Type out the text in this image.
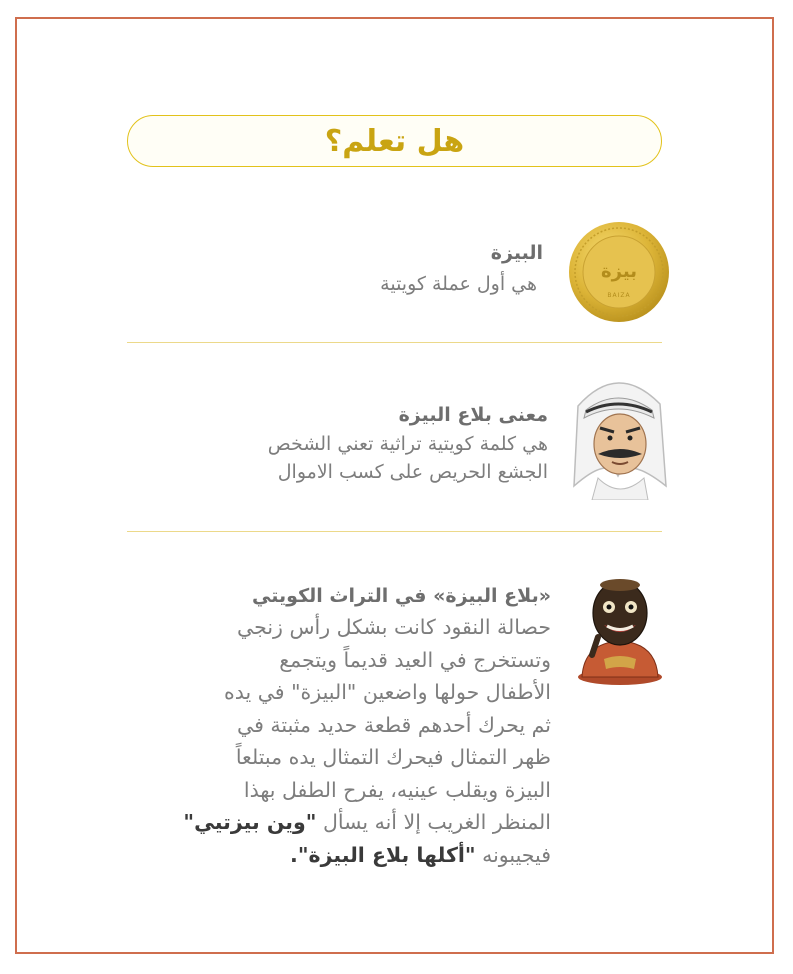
هل تعلم؟
بيزة
BAIZA
البيزة
هي أول عملة كويتية
معنى بلاع البيزة
هي كلمة كويتية تراثية تعني الشخص
الجشع الحريص على كسب الاموال
«بلاع البيزة» في التراث الكويتي
حصالة النقود كانت بشكل رأس زنجي
وتستخرج في العيد قديماً ويتجمع
الأطفال حولها واضعين "البيزة" في يده
ثم يحرك أحدهم قطعة حديد مثبتة في
ظهر التمثال فيحرك التمثال يده مبتلعاً
البيزة ويقلب عينيه، يفرح الطفل بهذا
المنظر الغريب إلا أنه يسأل "وين بيزتيي"
فيجيبونه "أكلها بلاع البيزة".
